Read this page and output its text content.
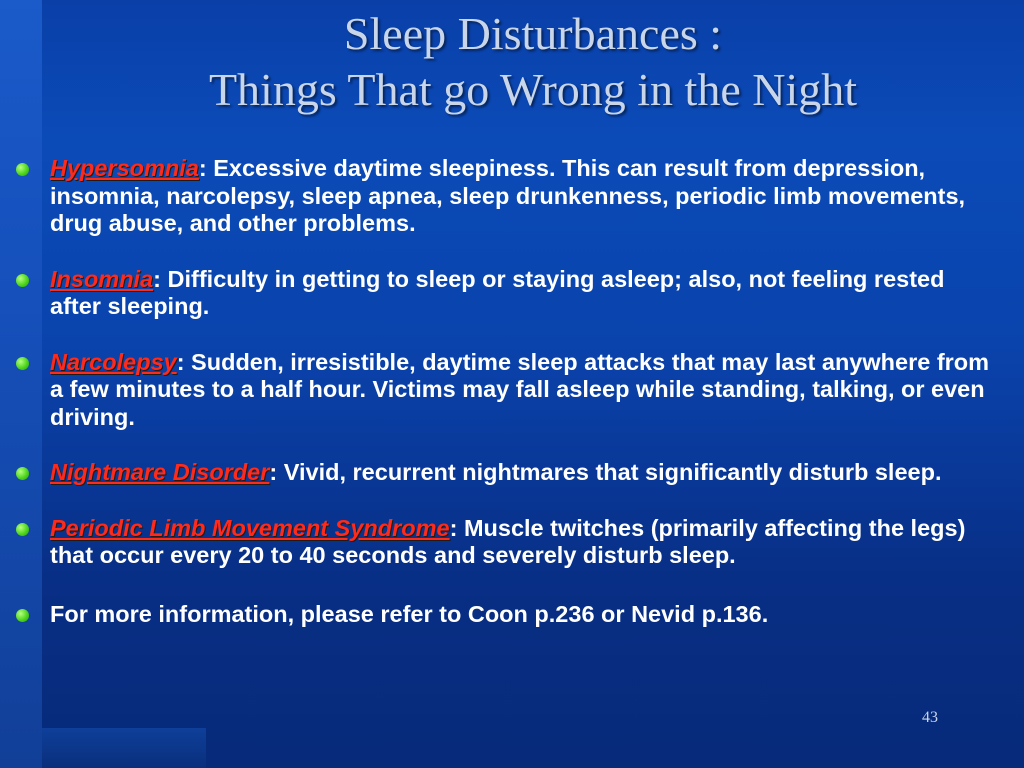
Sleep Disturbances :
Things That go Wrong in the Night
Hypersomnia: Excessive daytime sleepiness. This can result from depression, insomnia, narcolepsy, sleep apnea, sleep drunkenness, periodic limb movements, drug abuse, and other problems.
Insomnia: Difficulty in getting to sleep or staying asleep; also, not feeling rested after sleeping.
Narcolepsy: Sudden, irresistible, daytime sleep attacks that may last anywhere from a few minutes to a half hour. Victims may fall asleep while standing, talking, or even driving.
Nightmare Disorder: Vivid, recurrent nightmares that significantly disturb sleep.
Periodic Limb Movement Syndrome: Muscle twitches (primarily affecting the legs) that occur every 20 to 40 seconds and severely disturb sleep.
For more information, please refer to Coon p.236 or Nevid p.136.
43
